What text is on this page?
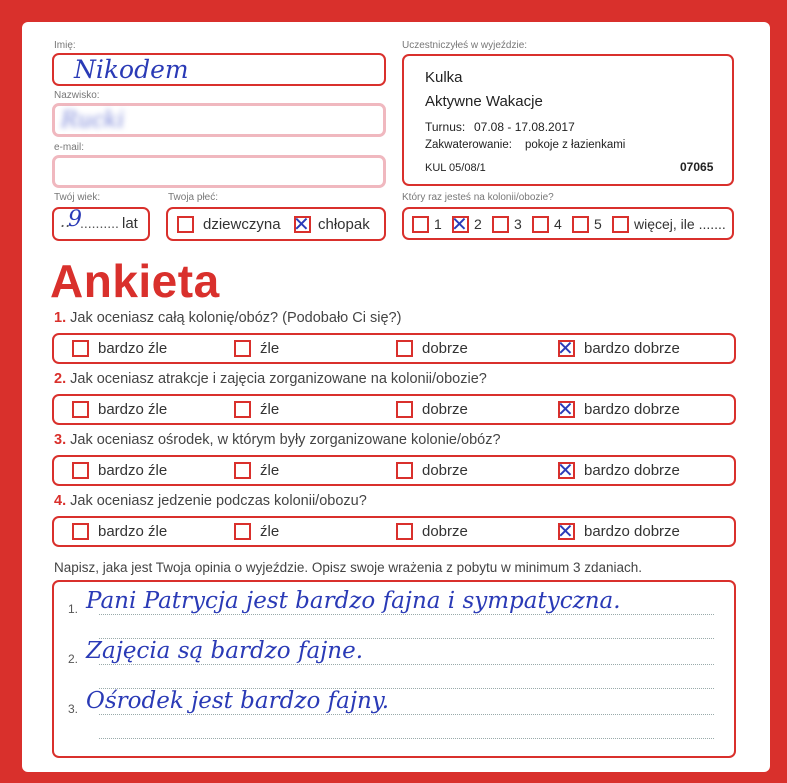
Imię:
Nikodem
Nazwisko:
Rucki
e-mail:
Twój wiek:
..
9
.......... lat
Twoja płeć:
dziewczyna ✕ chłopak
Uczestniczyłeś w wyjeździe:
Kulka
Aktywne Wakacje
Turnus: 07.08 - 17.08.2017
Zakwaterowanie: pokoje z łazienkami
KUL 05/08/1	07065
Który raz jesteś na kolonii/obozie?
1 ✕ 2 3 4 5 więcej, ile .......
Ankieta
1. Jak oceniasz całą kolonię/obóz? (Podobało Ci się?)
bardzo źle	źle	dobrze	✕ bardzo dobrze
2. Jak oceniasz atrakcje i zajęcia zorganizowane na kolonii/obozie?
bardzo źle	źle	dobrze	✕ bardzo dobrze
3. Jak oceniasz ośrodek, w którym były zorganizowane kolonie/obóz?
bardzo źle	źle	dobrze	✕ bardzo dobrze
4. Jak oceniasz jedzenie podczas kolonii/obozu?
bardzo źle	źle	dobrze	✕ bardzo dobrze
Napisz, jaka jest Twoja opinia o wyjeździe. Opisz swoje wrażenia z pobytu w minimum 3 zdaniach.
1. Pani Patrycja jest bardzo fajna i sympatyczna.
2. Zajęcia są bardzo fajne.
3. Ośrodek jest bardzo fajny.
